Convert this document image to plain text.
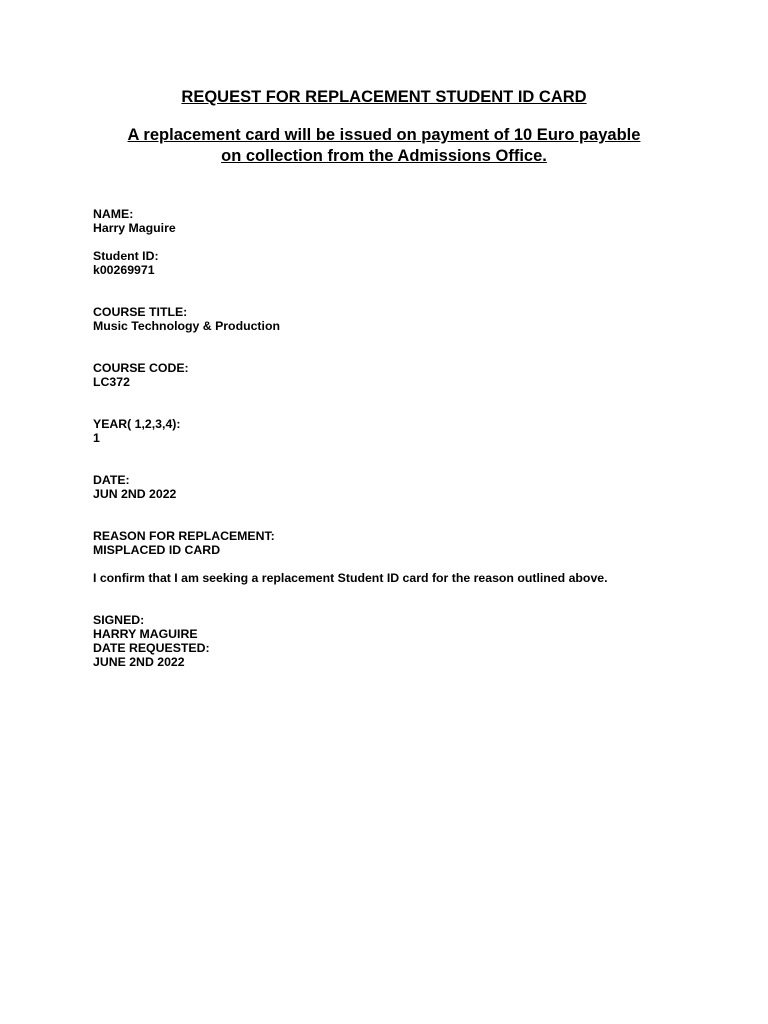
REQUEST FOR REPLACEMENT STUDENT ID CARD
A replacement card will be issued on payment of 10 Euro payable
on collection from the Admissions Office.
NAME:
Harry Maguire
Student ID:
k00269971
COURSE TITLE:
Music Technology & Production
COURSE CODE:
LC372
YEAR( 1,2,3,4):
1
DATE:
JUN 2ND 2022
REASON FOR REPLACEMENT:
MISPLACED ID CARD
I confirm that I am seeking a replacement Student ID card for the reason outlined above.
SIGNED:
HARRY MAGUIRE
DATE REQUESTED:
JUNE 2ND 2022
